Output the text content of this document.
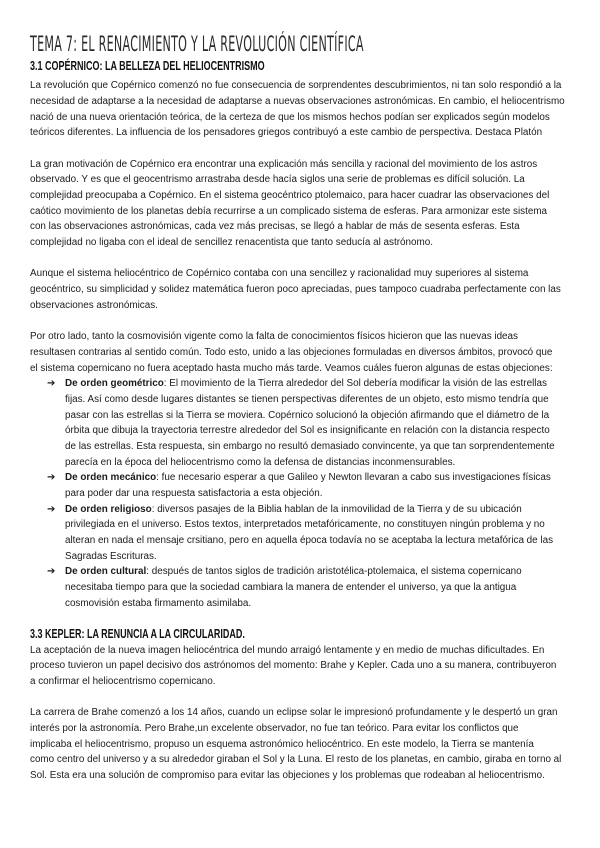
TEMA 7: EL RENACIMIENTO Y LA REVOLUCIÓN CIENTÍFICA
3.1 COPÉRNICO: LA BELLEZA DEL HELIOCENTRISMO
La revolución que Copérnico comenzó no fue consecuencia de sorprendentes descubrimientos, ni tan solo respondió a la
necesidad de adaptarse a la necesidad de adaptarse a nuevas observaciones astronómicas. En cambio, el heliocentrismo
nació de una nueva orientación teórica, de la certeza de que los mismos hechos podían ser explicados según modelos
teóricos diferentes. La influencia de los pensadores griegos contribuyó a este cambio de perspectiva. Destaca Platón
La gran motivación de Copérnico era encontrar una explicación más sencilla y racional del movimiento de los astros
observado. Y es que el geocentrismo arrastraba desde hacía siglos una serie de problemas es difícil solución. La
complejidad preocupaba a Copérnico. En el sistema geocéntrico ptolemaico, para hacer cuadrar las observaciones del
caótico movimiento de los planetas debía recurrirse a un complicado sistema de esferas. Para armonizar este sistema
con las observaciones astronómicas, cada vez más precisas, se llegó a hablar de más de sesenta esferas. Esta
complejidad no ligaba con el ideal de sencillez renacentista que tanto seducía al astrónomo.
Aunque el sistema heliocéntrico de Copérnico contaba con una sencillez y racionalidad muy superiores al sistema
geocéntrico, su simplicidad y solidez matemática fueron poco apreciadas, pues tampoco cuadraba perfectamente con las
observaciones astronómicas.
Por otro lado, tanto la cosmovisión vigente como la falta de conocimientos físicos hicieron que las nuevas ideas
resultasen contrarias al sentido común. Todo esto, unido a las objeciones formuladas en diversos ámbitos, provocó que
el sistema copernicano no fuera aceptado hasta mucho más tarde. Veamos cuáles fueron algunas de estas objeciones:
➔ De orden geométrico: El movimiento de la Tierra alrededor del Sol debería modificar la visión de las estrellas
fijas. Así como desde lugares distantes se tienen perspectivas diferentes de un objeto, esto mismo tendría que
pasar con las estrellas si la Tierra se moviera. Copérnico solucionó la objeción afirmando que el diámetro de la
órbita que dibuja la trayectoria terrestre alrededor del Sol es insignificante en relación con la distancia respecto
de las estrellas. Esta respuesta, sin embargo no resultó demasiado convincente, ya que tan sorprendentemente
parecía en la época del heliocentrismo como la defensa de distancias inconmensurables.
➔ De orden mecánico: fue necesario esperar a que Galileo y Newton llevaran a cabo sus investigaciones físicas
para poder dar una respuesta satisfactoria a esta objeción.
➔ De orden religioso: diversos pasajes de la Biblia hablan de la inmovilidad de la Tierra y de su ubicación
privilegiada en el universo. Estos textos, interpretados metafóricamente, no constituyen ningún problema y no
alteran en nada el mensaje crsitiano, pero en aquella época todavía no se aceptaba la lectura metafórica de las
Sagradas Escrituras.
➔ De orden cultural: después de tantos siglos de tradición aristotélica-ptolemaica, el sistema copernicano
necesitaba tiempo para que la sociedad cambiara la manera de entender el universo, ya que la antigua
cosmovisión estaba firmamento asimilaba.
3.3 KEPLER: LA RENUNCIA A LA CIRCULARIDAD.
La aceptación de la nueva imagen heliocéntrica del mundo arraigó lentamente y en medio de muchas dificultades. En
proceso tuvieron un papel decisivo dos astrónomos del momento: Brahe y Kepler. Cada uno a su manera, contribuyeron
a confirmar el heliocentrismo copernicano.
La carrera de Brahe comenzó a los 14 años, cuando un eclipse solar le impresionó profundamente y le despertó un gran
interés por la astronomía. Pero Brahe,un excelente observador, no fue tan teórico. Para evitar los conflictos que
implicaba el heliocentrismo, propuso un esquema astronómico heliocéntrico. En este modelo, la Tierra se mantenía
como centro del universo y a su alrededor giraban el Sol y la Luna. El resto de los planetas, en cambio, giraba en torno al
Sol. Esta era una solución de compromiso para evitar las objeciones y los problemas que rodeaban al heliocentrismo.
